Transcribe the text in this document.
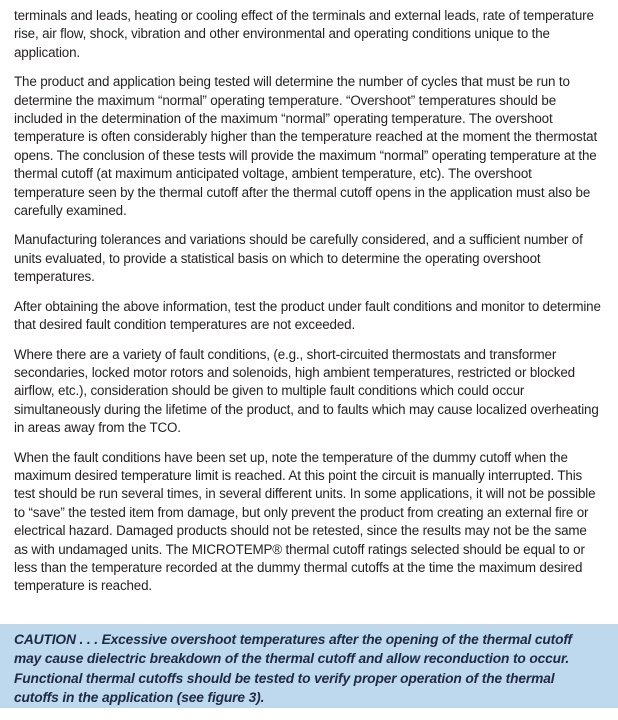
terminals and leads, heating or cooling effect of the terminals and external leads, rate of temperature rise, air flow, shock, vibration and other environmental and operating conditions unique to the application.

The product and application being tested will determine the number of cycles that must be run to determine the maximum “normal” operating temperature. “Overshoot” temperatures should be included in the determination of the maximum “normal” operating temperature. The overshoot temperature is often considerably higher than the temperature reached at the moment the thermostat opens. The conclusion of these tests will provide the maximum “normal” operating temperature at the thermal cutoff (at maximum anticipated voltage, ambient temperature, etc). The overshoot temperature seen by the thermal cutoff after the thermal cutoff opens in the application must also be carefully examined.

Manufacturing tolerances and variations should be carefully considered, and a sufficient number of units evaluated, to provide a statistical basis on which to determine the operating overshoot temperatures.

After obtaining the above information, test the product under fault conditions and monitor to determine that desired fault condition temperatures are not exceeded.

Where there are a variety of fault conditions, (e.g., short-circuited thermostats and transformer secondaries, locked motor rotors and solenoids, high ambient temperatures, restricted or blocked airflow, etc.), consideration should be given to multiple fault conditions which could occur simultaneously during the lifetime of the product, and to faults which may cause localized overheating in areas away from the TCO.

When the fault conditions have been set up, note the temperature of the dummy cutoff when the maximum desired temperature limit is reached. At this point the circuit is manually interrupted. This test should be run several times, in several different units. In some applications, it will not be possible to “save” the tested item from damage, but only prevent the product from creating an external fire or electrical hazard. Damaged products should not be retested, since the results may not be the same as with undamaged units. The MICROTEMP® thermal cutoff ratings selected should be equal to or less than the temperature recorded at the dummy thermal cutoffs at the time the maximum desired temperature is reached.

CAUTION . . . Excessive overshoot temperatures after the opening of the thermal cutoff may cause dielectric breakdown of the thermal cutoff and allow reconduction to occur. Functional thermal cutoffs should be tested to verify proper operation of the thermal cutoffs in the application (see figure 3).
